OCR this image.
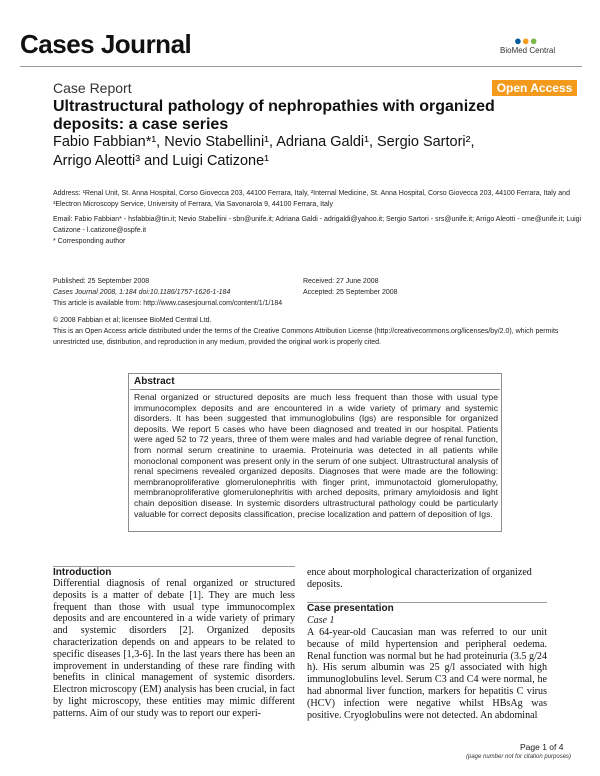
Cases Journal	●●●
BioMed Central
Case Report	Open Access
Ultrastructural pathology of nephropathies with organized deposits: a case series
Fabio Fabbian*¹, Nevio Stabellini¹, Adriana Galdi¹, Sergio Sartori²,
Arrigo Aleotti³ and Luigi Catizone¹
Address: ¹Renal Unit, St. Anna Hospital, Corso Giovecca 203, 44100 Ferrara, Italy, ²Internal Medicine, St. Anna Hospital, Corso Giovecca 203, 44100 Ferrara, Italy and ³Electron Microscopy Service, University of Ferrara, Via Savonarola 9, 44100 Ferrara, Italy
Email: Fabio Fabbian* - hsfabbia@tin.it; Nevio Stabellini - sbn@unife.it; Adriana Galdi - adrigaldi@yahoo.it; Sergio Sartori - srs@unife.it; Arrigo Aleotti - cme@unife.it; Luigi Catizone - l.catizone@ospfe.it
* Corresponding author
Published: 25 September 2008
Cases Journal 2008, 1:184 doi:10.1186/1757-1626-1-184
This article is available from: http://www.casesjournal.com/content/1/1/184
Received: 27 June 2008
Accepted: 25 September 2008
© 2008 Fabbian et al; licensee BioMed Central Ltd.
This is an Open Access article distributed under the terms of the Creative Commons Attribution License (http://creativecommons.org/licenses/by/2.0), which permits unrestricted use, distribution, and reproduction in any medium, provided the original work is properly cited.
Abstract
Renal organized or structured deposits are much less frequent than those with usual type immunocomplex deposits and are encountered in a wide variety of primary and systemic disorders. It has been suggested that immunoglobulins (Igs) are responsible for organized deposits. We report 5 cases who have been diagnosed and treated in our hospital. Patients were aged 52 to 72 years, three of them were males and had variable degree of renal function, from normal serum creatinine to uraemia. Proteinuria was detected in all patients while monoclonal component was present only in the serum of one subject. Ultrastructural analysis of renal specimens revealed organized deposits. Diagnoses that were made are the following: membranoproliferative glomerulonephritis with finger print, immunotactoid glomerulopathy, membranoproliferative glomerulonephritis with arched deposits, primary amyloidosis and light chain deposition disease. In systemic disorders ultrastructural pathology could be particularly valuable for correct deposits classification, precise localization and pattern of deposition of Igs.
Introduction
Differential diagnosis of renal organized or structured deposits is a matter of debate [1]. They are much less frequent than those with usual type immunocomplex deposits and are encountered in a wide variety of primary and systemic disorders [2]. Organized deposits characterization depends on and appears to be related to specific diseases [1,3-6]. In the last years there has been an improvement in understanding of these rare finding with benefits in clinical management of systemic disorders. Electron microscopy (EM) analysis has been crucial, in fact by light microscopy, these entities may mimic different patterns. Aim of our study was to report our experi-
ence about morphological characterization of organized deposits.
Case presentation
Case 1
A 64-year-old Caucasian man was referred to our unit because of mild hypertension and peripheral oedema. Renal function was normal but he had proteinuria (3.5 g/24 h). His serum albumin was 25 g/l associated with high immunoglobulins level. Serum C3 and C4 were normal, he had abnormal liver function, markers for hepatitis C virus (HCV) infection were negative whilst HBsAg was positive. Cryoglobulins were not detected. An abdominal
Page 1 of 4
(page number not for citation purposes)
